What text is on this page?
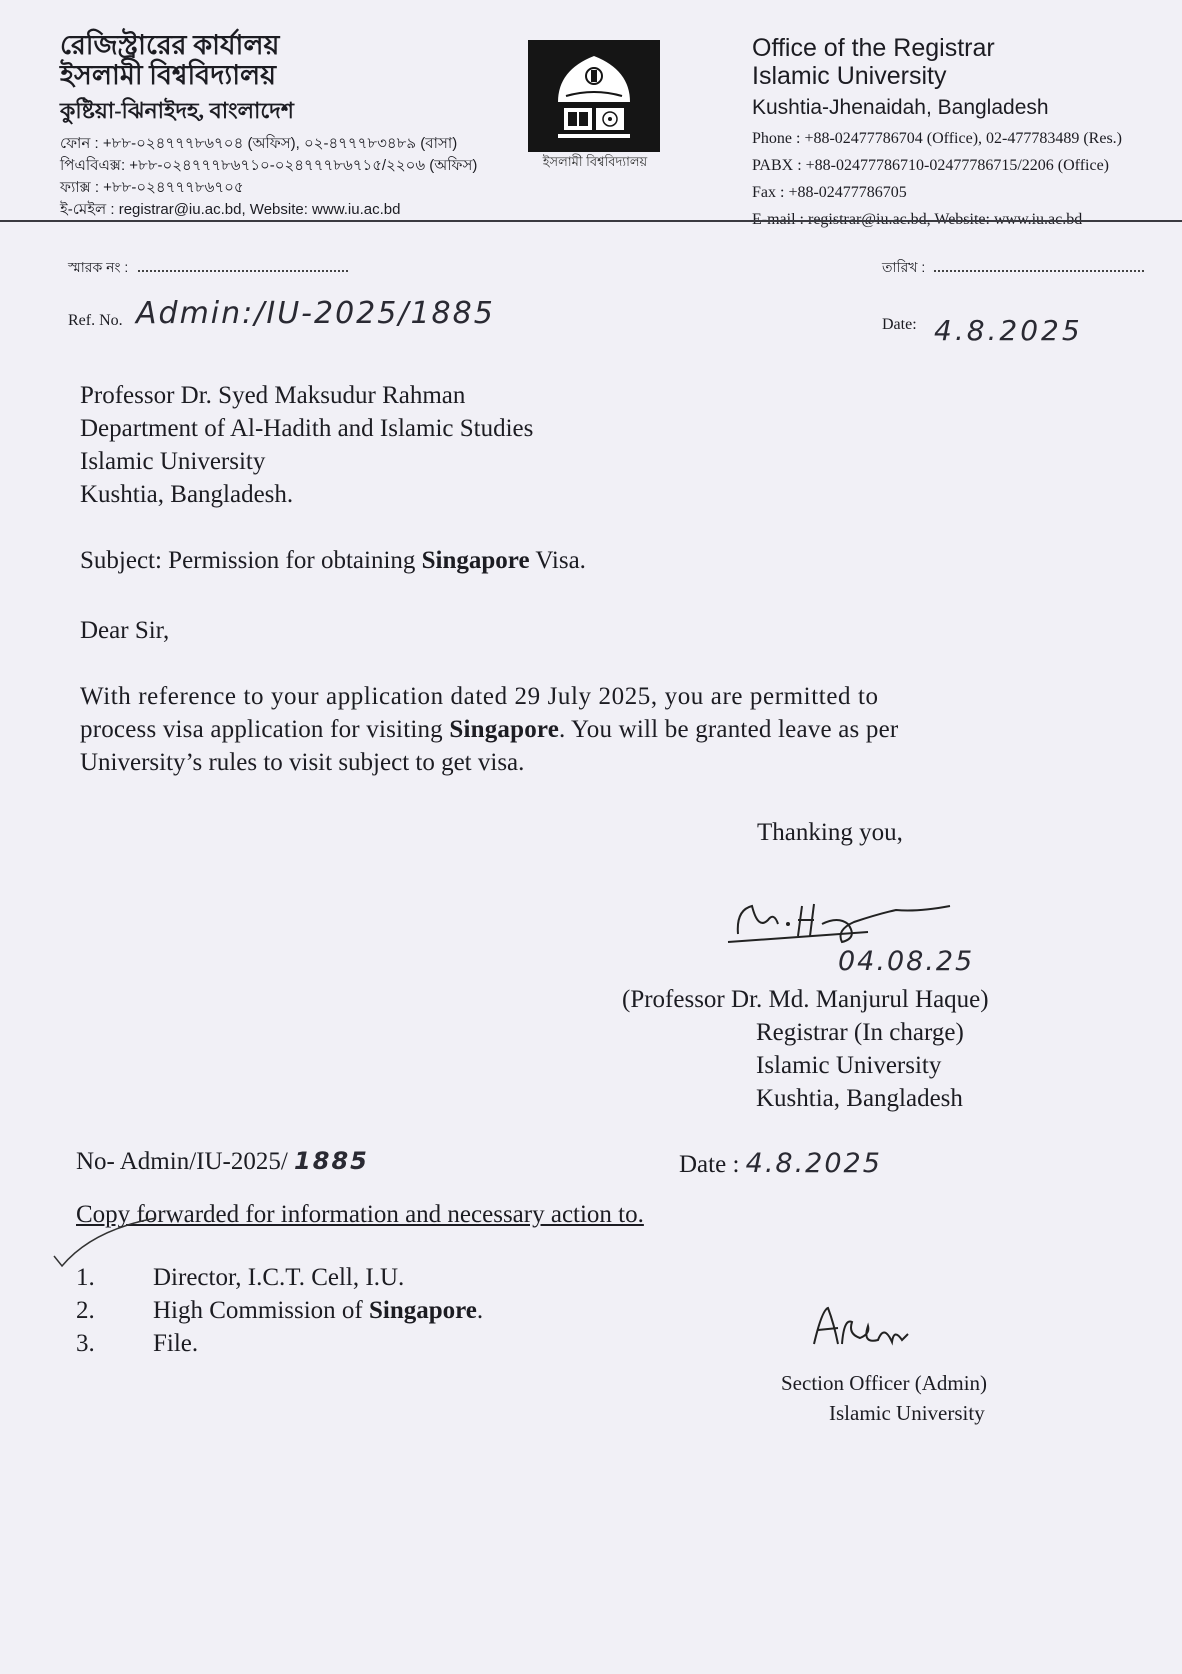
রেজিস্ট্রারের কার্যালয়
ইসলামী বিশ্ববিদ্যালয়
কুষ্টিয়া-ঝিনাইদহ, বাংলাদেশ
ফোন : +৮৮-০২৪৭৭৭৮৬৭০৪ (অফিস), ০২-৪৭৭৭৮৩৪৮৯ (বাসা)
পিএবিএক্স: +৮৮-০২৪৭৭৭৮৬৭১০-০২৪৭৭৭৮৬৭১৫/২২০৬ (অফিস)
ফ্যাক্স : +৮৮-০২৪৭৭৭৮৬৭০৫
ই-মেইল : registrar@iu.ac.bd, Website: www.iu.ac.bd
ইসলামী বিশ্ববিদ্যালয়
Office of the Registrar
Islamic University
Kushtia-Jhenaidah, Bangladesh
Phone : +88-02477786704 (Office), 02-477783489 (Res.)
PABX : +88-02477786710-02477786715/2206 (Office)
Fax : +88-02477786705
স্মারক নং :
Ref. No. Admin:/IU-2025/1885
তারিখ :
Date: 4.8.2025
Professor Dr. Syed Maksudur Rahman
Department of Al-Hadith and Islamic Studies
Islamic University
Kushtia, Bangladesh.
Subject: Permission for obtaining Singapore Visa.
Dear Sir,
With reference to your application dated 29 July 2025, you are permitted to
process visa application for visiting Singapore. You will be granted leave as per
University’s rules to visit subject to get visa.
Thanking you,
04.08.25
(Professor Dr. Md. Manjurul Haque)
Registrar (In charge)
Islamic University
Kushtia, Bangladesh
No- Admin/IU-2025/ 1885	Date : 4.8.2025
Copy forwarded for information and necessary action to.
1. Director, I.C.T. Cell, I.U.
2. High Commission of Singapore.
3. File.
Section Officer (Admin)
Islamic University
